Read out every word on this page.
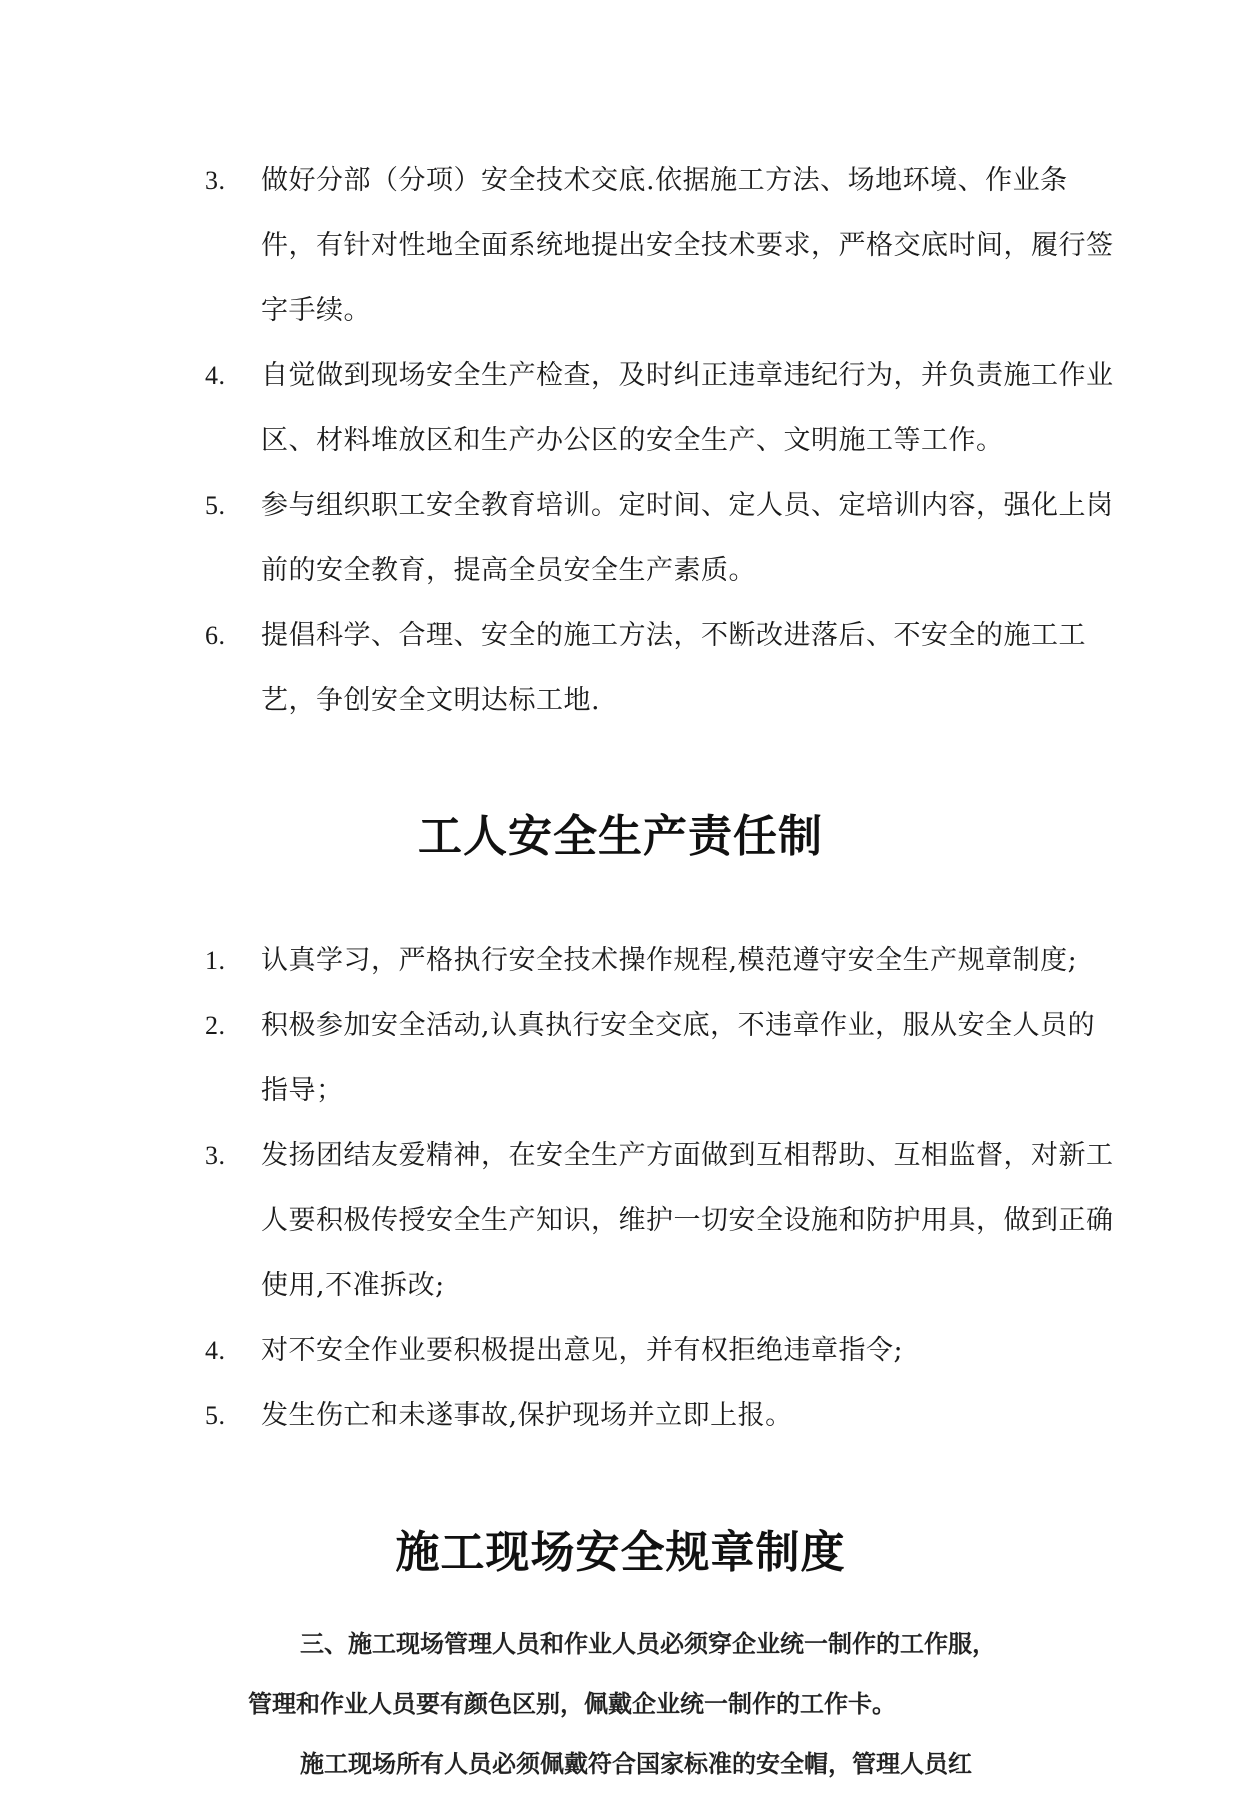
3. 做好分部（分项）安全技术交底.依据施工方法、场地环境、作业条件，有针对性地全面系统地提出安全技术要求，严格交底时间，履行签字手续。
4. 自觉做到现场安全生产检查，及时纠正违章违纪行为，并负责施工作业区、材料堆放区和生产办公区的安全生产、文明施工等工作。
5. 参与组织职工安全教育培训。定时间、定人员、定培训内容，强化上岗前的安全教育，提高全员安全生产素质。
6. 提倡科学、合理、安全的施工方法，不断改进落后、不安全的施工工艺，争创安全文明达标工地.
工人安全生产责任制
1. 认真学习，严格执行安全技术操作规程,模范遵守安全生产规章制度;
2. 积极参加安全活动,认真执行安全交底，不违章作业，服从安全人员的指导；
3. 发扬团结友爱精神，在安全生产方面做到互相帮助、互相监督，对新工人要积极传授安全生产知识，维护一切安全设施和防护用具，做到正确使用,不准拆改;
4. 对不安全作业要积极提出意见，并有权拒绝违章指令;
5. 发生伤亡和未遂事故,保护现场并立即上报。
施工现场安全规章制度

三、施工现场管理人员和作业人员必须穿企业统一制作的工作服，

管理和作业人员要有颜色区别，佩戴企业统一制作的工作卡。

施工现场所有人员必须佩戴符合国家标准的安全帽，管理人员红
